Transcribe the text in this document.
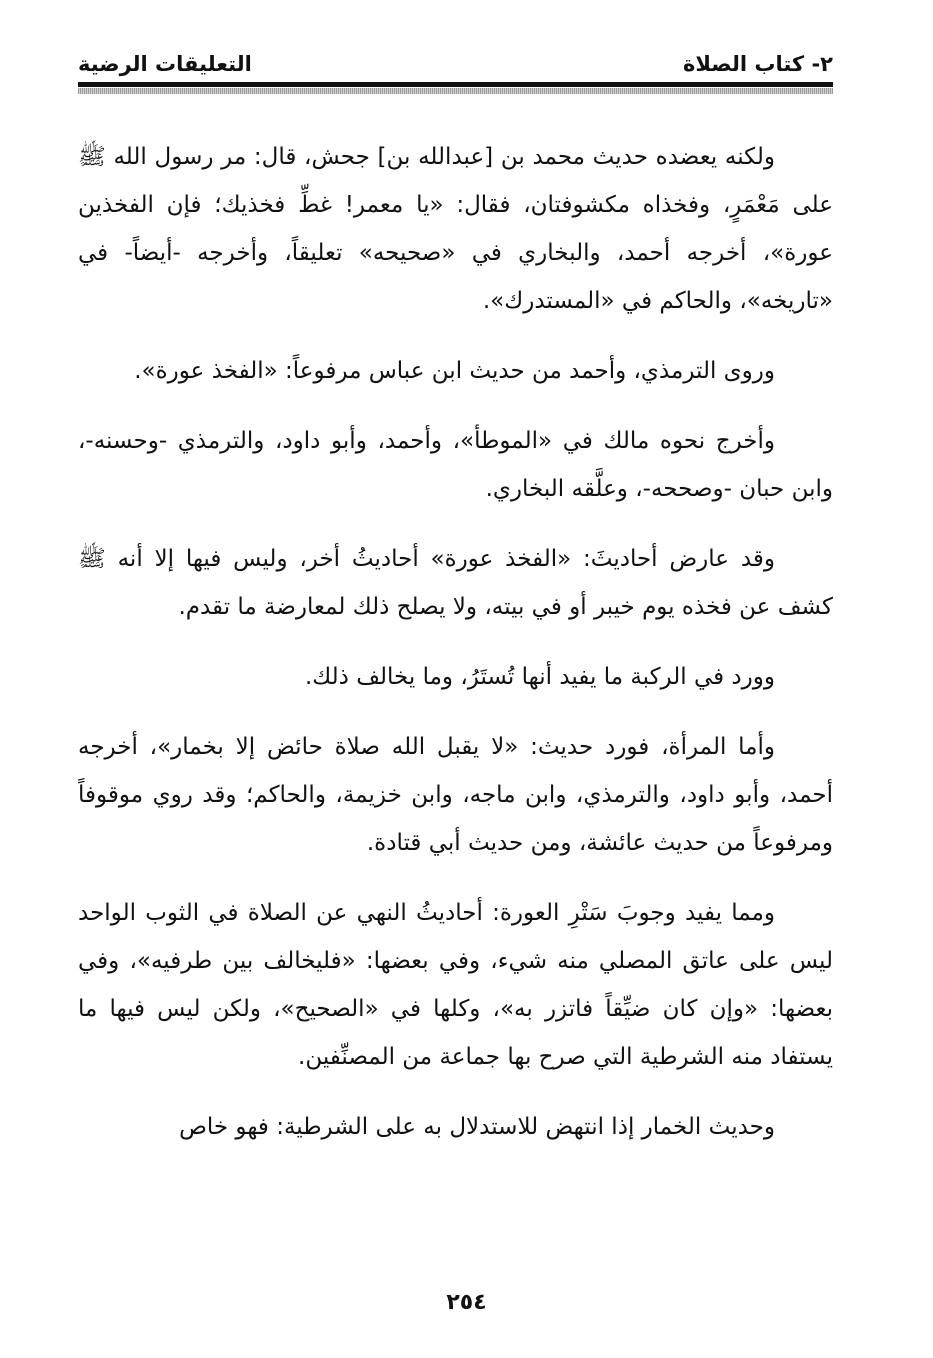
٢- كتاب الصلاة
التعليقات الرضية

ولكنه يعضده حديث محمد بن [عبدالله بن] جحش، قال: مر رسول الله ﷺ على مَعْمَرٍ، وفخذاه مكشوفتان، فقال: «يا معمر! غطِّ فخذيك؛ فإن الفخذين عورة»، أخرجه أحمد، والبخاري في «صحيحه» تعليقاً، وأخرجه -أيضاً- في «تاريخه»، والحاكم في «المستدرك».

وروى الترمذي، وأحمد من حديث ابن عباس مرفوعاً: «الفخذ عورة».

وأخرج نحوه مالك في «الموطأ»، وأحمد، وأبو داود، والترمذي -وحسنه-، وابن حبان -وصححه-، وعلَّقه البخاري.

وقد عارض أحاديثَ: «الفخذ عورة» أحاديثُ أخر، وليس فيها إلا أنه ﷺ كشف عن فخذه يوم خيبر أو في بيته، ولا يصلح ذلك لمعارضة ما تقدم.

وورد في الركبة ما يفيد أنها تُستَرُ، وما يخالف ذلك.

وأما المرأة، فورد حديث: «لا يقبل الله صلاة حائض إلا بخمار»، أخرجه أحمد، وأبو داود، والترمذي، وابن ماجه، وابن خزيمة، والحاكم؛ وقد روي موقوفاً ومرفوعاً من حديث عائشة، ومن حديث أبي قتادة.

ومما يفيد وجوبَ سَتْرِ العورة: أحاديثُ النهي عن الصلاة في الثوب الواحد ليس على عاتق المصلي منه شيء، وفي بعضها: «فليخالف بين طرفيه»، وفي بعضها: «وإن كان ضيِّقاً فاتزر به»، وكلها في «الصحيح»، ولكن ليس فيها ما يستفاد منه الشرطية التي صرح بها جماعة من المصنِّفين.

وحديث الخمار إذا انتهض للاستدلال به على الشرطية: فهو خاص

٢٥٤
